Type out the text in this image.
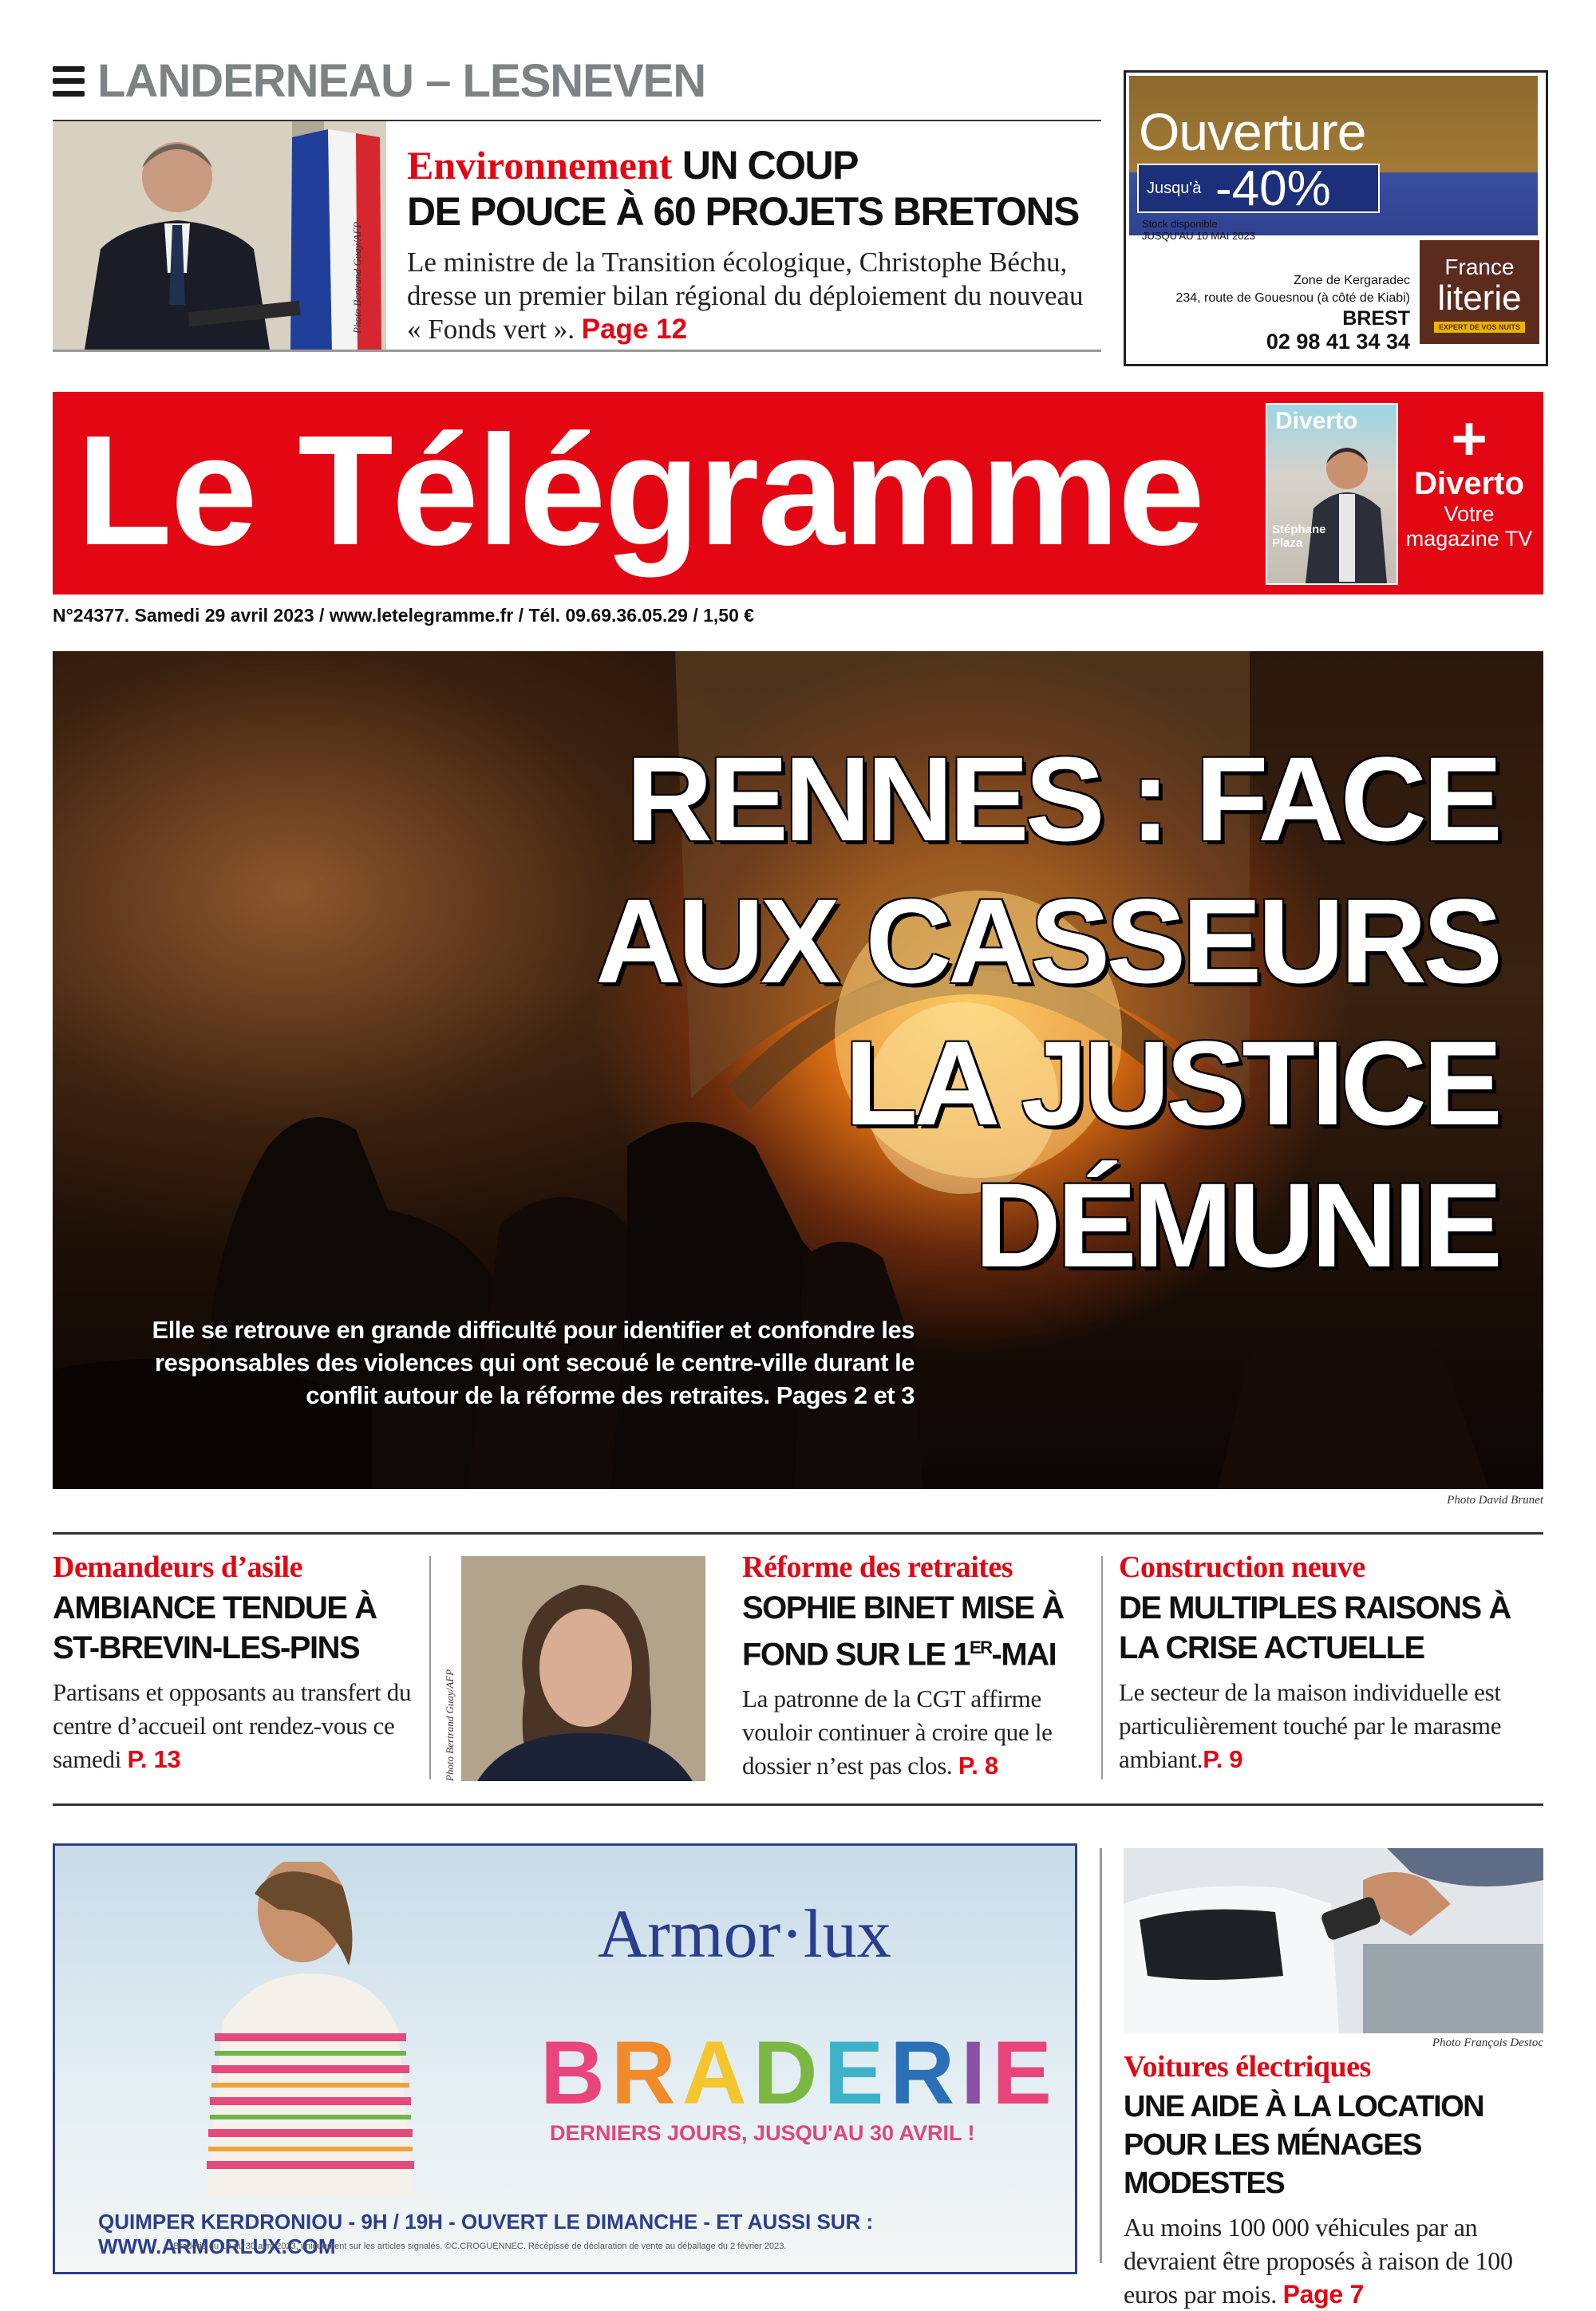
LANDERNEAU – LESNEVEN
Photo Bertrand Guay/AFP
Environnement UN COUP
DE POUCE À 60 PROJETS BRETONS

Le ministre de la Transition écologique, Christophe Béchu, dresse un premier bilan régional du déploiement du nouveau « Fonds vert ». Page 12

Ouverture
Jusqu'à -40%
Stock disponible
JUSQU'AU 10 MAI 2023
Zone de Kergaradec
234, route de Gouesnou (à côté de Kiabi)
BREST
02 98 41 34 34
France
literie
EXPERT DE VOS NUITS
Le Télégramme	Diverto
Stéphane Plaza
+
Diverto
Votre magazine TV
N°24377. Samedi 29 avril 2023 / www.letelegramme.fr / Tél. 09.69.36.05.29 / 1,50 €
RENNES : FACE
AUX CASSEURS
LA JUSTICE
DÉMUNIE
Elle se retrouve en grande difficulté pour identifier et confondre les responsables des violences qui ont secoué le centre-ville durant le conflit autour de la réforme des retraites. Pages 2 et 3
Photo David Brunet
Demandeurs d’asile
AMBIANCE TENDUE À ST-BREVIN-LES-PINS

Partisans et opposants au transfert du centre d’accueil ont rendez-vous ce samedi P. 13	Photo Bertrand Guay/AFP
Réforme des retraites
SOPHIE BINET MISE À FOND SUR LE 1ER-MAI

La patronne de la CGT affirme vouloir continuer à croire que le dossier n’est pas clos. P. 8

Construction neuve
DE MULTIPLES RAISONS À LA CRISE ACTUELLE

Le secteur de la maison individuelle est particulièrement touché par le marasme ambiant.P. 9

Armor·lux
BRADERIE
DERNIERS JOURS, JUSQU'AU 30 AVRIL !
QUIMPER KERDRONIOU - 9H / 19H - OUVERT LE DIMANCHE - ET AUSSI SUR : WWW.ARMORLUX.COM
*Braderie du 19 au 30 avril 2023, uniquement sur les articles signalés. ©C.CROGUENNEC. Récépissé de déclaration de vente au déballage du 2 février 2023.
Photo François Destoc
Voitures électriques
UNE AIDE À LA LOCATION POUR LES MÉNAGES MODESTES

Au moins 100 000 véhicules par an devraient être proposés à raison de 100 euros par mois. Page 7
